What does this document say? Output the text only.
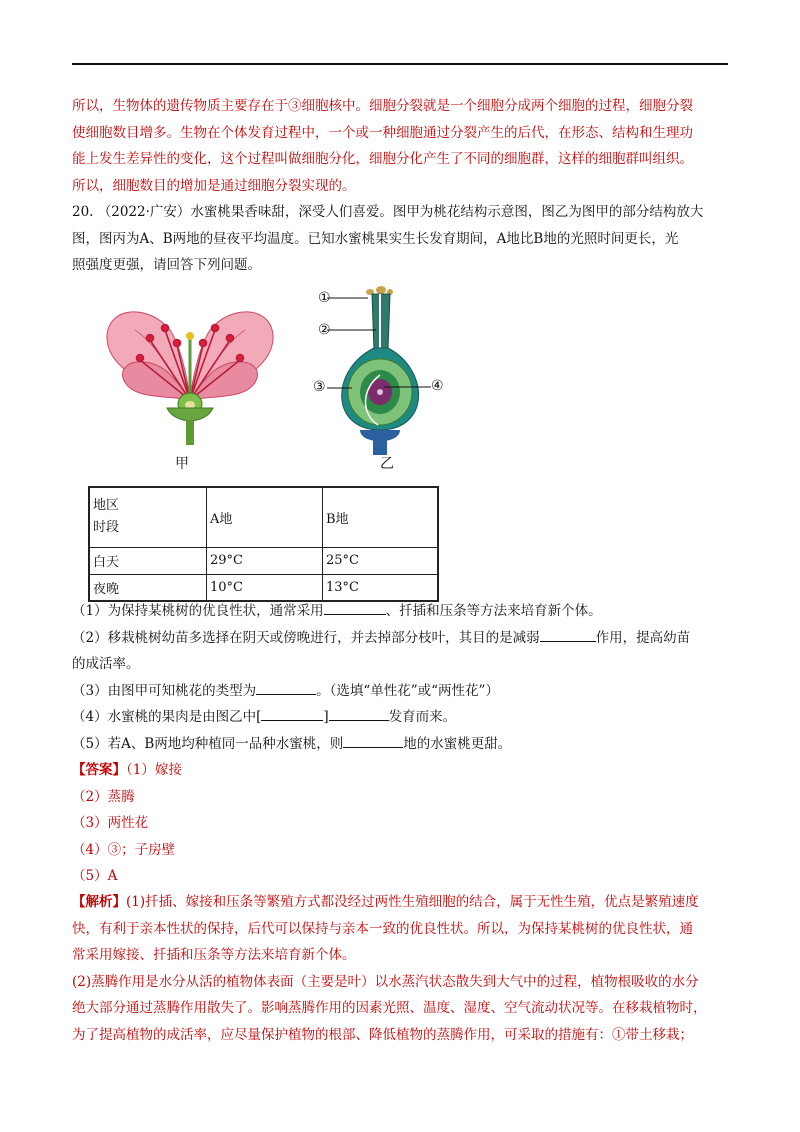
所以，生物体的遗传物质主要存在于③细胞核中。细胞分裂就是一个细胞分成两个细胞的过程，细胞分裂
使细胞数目增多。生物在个体发育过程中，一个或一种细胞通过分裂产生的后代，在形态、结构和生理功
能上发生差异性的变化，这个过程叫做细胞分化，细胞分化产生了不同的细胞群，这样的细胞群叫组织。
所以，细胞数目的增加是通过细胞分裂实现的。
20. （2022·广安）水蜜桃果香味甜，深受人们喜爱。图甲为桃花结构示意图，图乙为图甲的部分结构放大
图，图丙为A、B两地的昼夜平均温度。已知水蜜桃果实生长发育期间，A地比B地的光照时间更长，光
照强度更强，请回答下列问题。
甲
①
②
③	④
乙
地区
时段	A地	B地
白天	29°C	25°C
夜晚	10°C	13°C
（1）为保持某桃树的优良性状，通常采用	、扦插和压条等方法来培育新个体。
（2）移栽桃树幼苗多选择在阴天或傍晚进行，并去掉部分枝叶，其目的是减弱	作用，提高幼苗
的成活率。
（3）由图甲可知桃花的类型为	。（选填“单性花”或“两性花”）
（4）水蜜桃的果肉是由图乙中[	]	发育而来。
（5）若A、B两地均种植同一品种水蜜桃，则	地的水蜜桃更甜。
【答案】（1）嫁接
（2）蒸腾
（3）两性花
（4）③；子房壁
（5）A
【解析】(1)扦插、嫁接和压条等繁殖方式都没经过两性生殖细胞的结合，属于无性生殖，优点是繁殖速度
快，有利于亲本性状的保持，后代可以保持与亲本一致的优良性状。所以，为保持某桃树的优良性状，通
常采用嫁接、扦插和压条等方法来培育新个体。
(2)蒸腾作用是水分从活的植物体表面（主要是叶）以水蒸汽状态散失到大气中的过程，植物根吸收的水分
绝大部分通过蒸腾作用散失了。影响蒸腾作用的因素光照、温度、湿度、空气流动状况等。在移栽植物时，
为了提高植物的成活率，应尽量保护植物的根部、降低植物的蒸腾作用，可采取的措施有：①带土移栽；
